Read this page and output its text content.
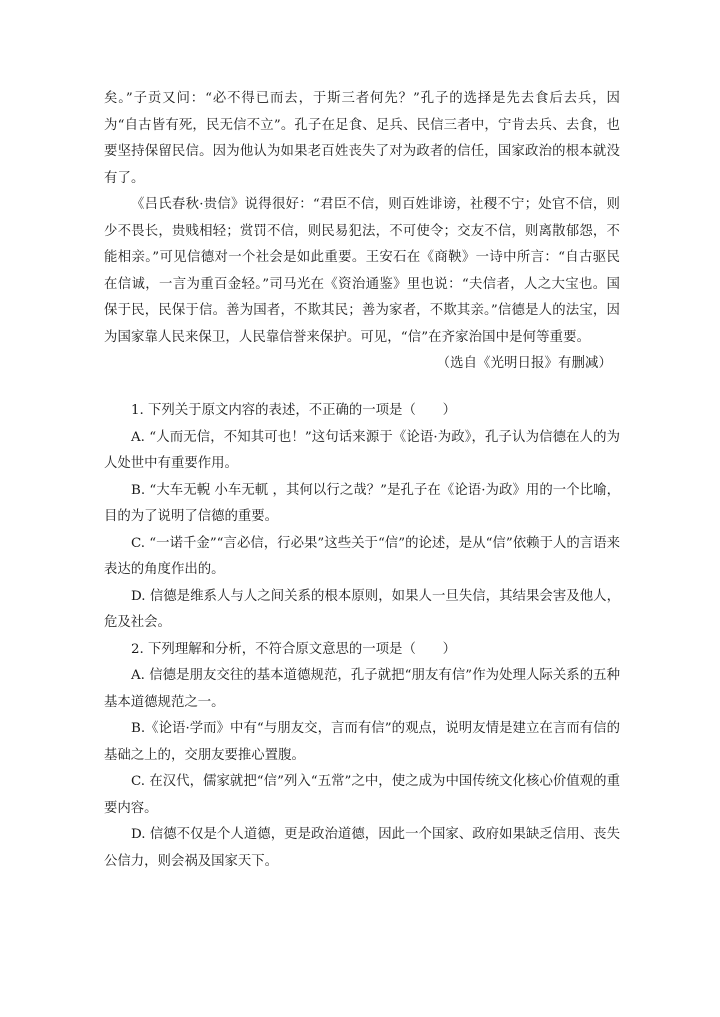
矣。”子贡又问：“必不得已而去，于斯三者何先？”孔子的选择是先去食后去兵，因为“自古皆有死，民无信不立”。孔子在足食、足兵、民信三者中，宁肯去兵、去食，也要坚持保留民信。因为他认为如果老百姓丧失了对为政者的信任，国家政治的根本就没有了。

《吕氏春秋·贵信》说得很好：“君臣不信，则百姓诽谤，社稷不宁；处官不信，则少不畏长，贵贱相轻；赏罚不信，则民易犯法，不可使令；交友不信，则离散郁怨，不能相亲。”可见信德对一个社会是如此重要。王安石在《商鞅》一诗中所言：“自古驱民在信诚，一言为重百金轻。”司马光在《资治通鉴》里也说：“夫信者，人之大宝也。国保于民，民保于信。善为国者，不欺其民；善为家者，不欺其亲。”信德是人的法宝，因为国家靠人民来保卫，人民靠信誉来保护。可见，“信”在齐家治国中是何等重要。

（选自《光明日报》有删减）

1. 下列关于原文内容的表述，不正确的一项是（　　）

A. “人而无信，不知其可也！”这句话来源于《论语·为政》，孔子认为信德在人的为人处世中有重要作用。

B. “大车无輗 小车无軏 ，其何以行之哉？”是孔子在《论语·为政》用的一个比喻，目的为了说明了信德的重要。

C. “一诺千金”“言必信，行必果”这些关于“信”的论述，是从“信”依赖于人的言语来表达的角度作出的。

D. 信德是维系人与人之间关系的根本原则，如果人一旦失信，其结果会害及他人，危及社会。

2. 下列理解和分析，不符合原文意思的一项是（　　）

A. 信德是朋友交往的基本道德规范，孔子就把“朋友有信”作为处理人际关系的五种基本道德规范之一。

B.《论语·学而》中有“与朋友交，言而有信”的观点，说明友情是建立在言而有信的基础之上的，交朋友要推心置腹。

C. 在汉代，儒家就把“信”列入“五常”之中，使之成为中国传统文化核心价值观的重要内容。

D. 信德不仅是个人道德，更是政治道德，因此一个国家、政府如果缺乏信用、丧失公信力，则会祸及国家天下。
